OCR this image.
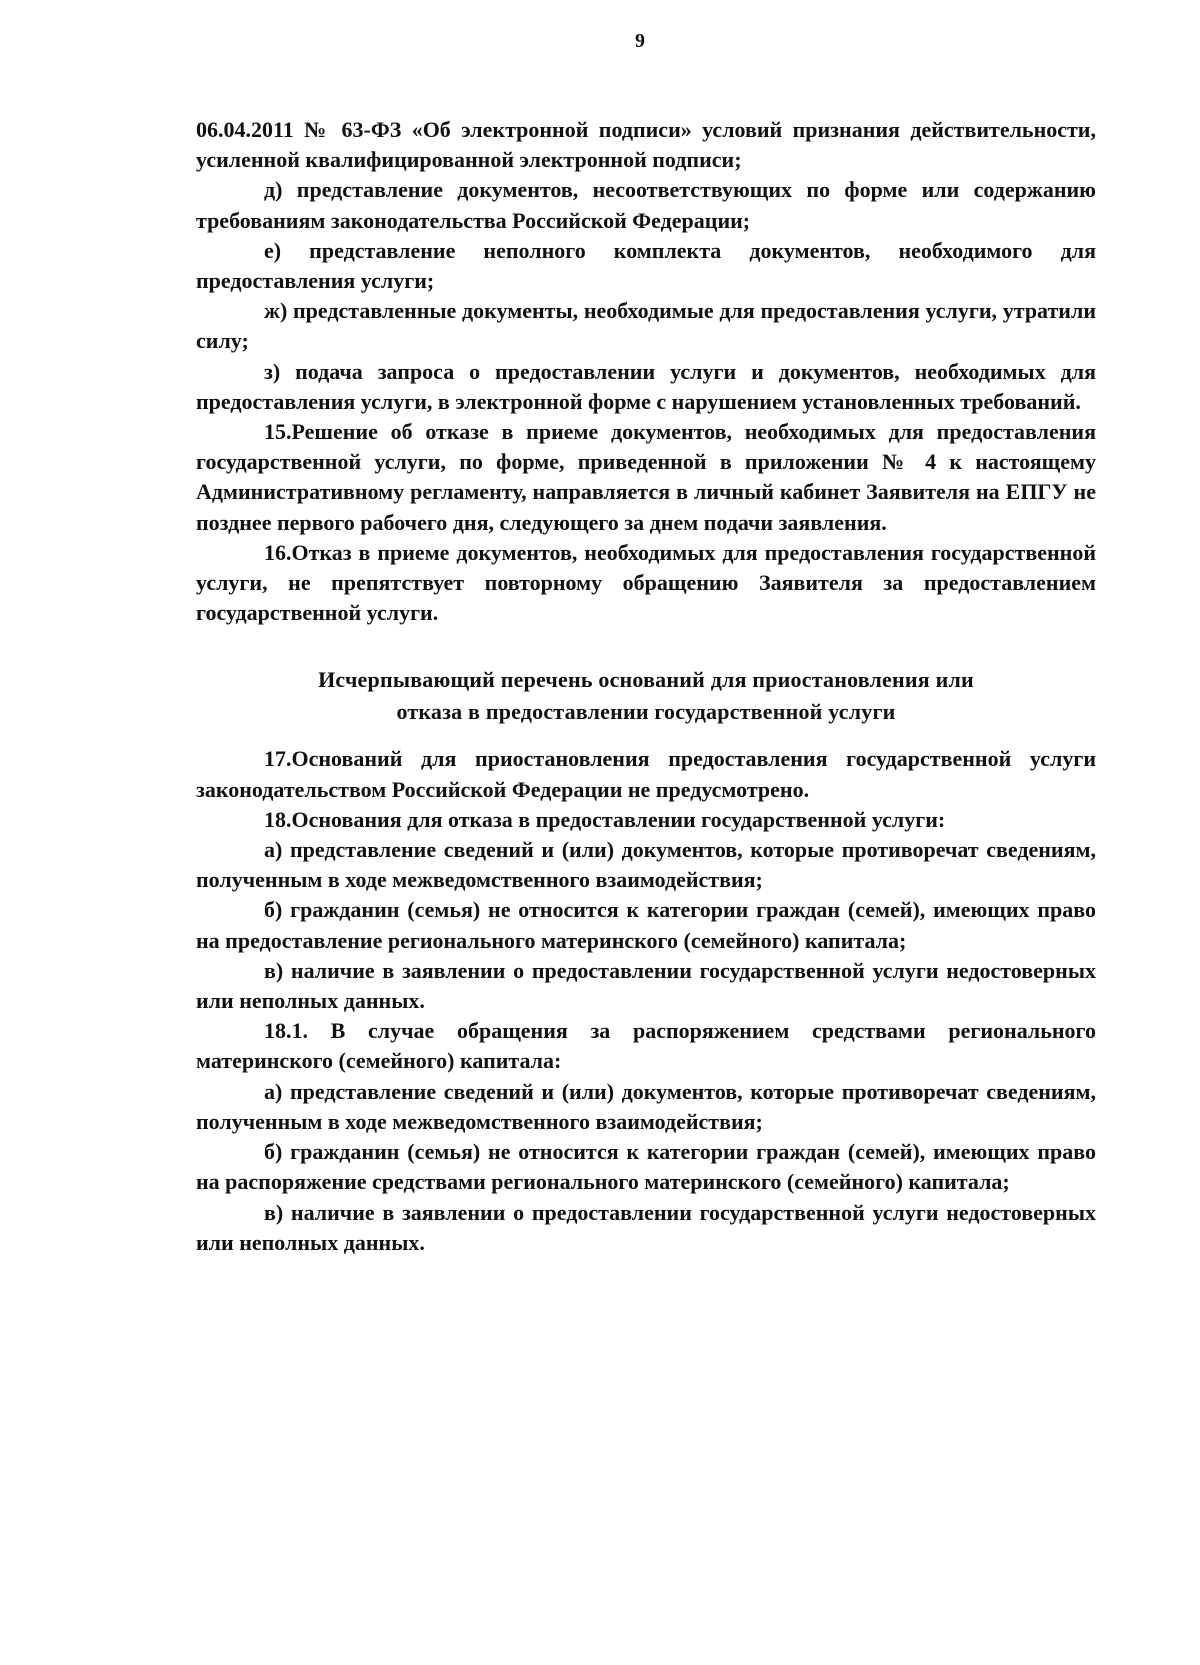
9

06.04.2011 № 63-ФЗ «Об электронной подписи» условий признания действительности, усиленной квалифицированной электронной подписи;

д) представление документов, несоответствующих по форме или содержанию требованиям законодательства Российской Федерации;

е) представление неполного комплекта документов, необходимого для предоставления услуги;

ж) представленные документы, необходимые для предоставления услуги, утратили силу;

з) подача запроса о предоставлении услуги и документов, необходимых для предоставления услуги, в электронной форме с нарушением установленных требований.

15.Решение об отказе в приеме документов, необходимых для предоставления государственной услуги, по форме, приведенной в приложении № 4 к настоящему Административному регламенту, направляется в личный кабинет Заявителя на ЕПГУ не позднее первого рабочего дня, следующего за днем подачи заявления.

16.Отказ в приеме документов, необходимых для предоставления государственной услуги, не препятствует повторному обращению Заявителя за предоставлением государственной услуги.

Исчерпывающий перечень оснований для приостановления или
отказа в предоставлении государственной услуги

17.Оснований для приостановления предоставления государственной услуги законодательством Российской Федерации не предусмотрено.

18.Основания для отказа в предоставлении государственной услуги:

а) представление сведений и (или) документов, которые противоречат сведениям, полученным в ходе межведомственного взаимодействия;

б) гражданин (семья) не относится к категории граждан (семей), имеющих право на предоставление регионального материнского (семейного) капитала;

в) наличие в заявлении о предоставлении государственной услуги недостоверных или неполных данных.

18.1. В случае обращения за распоряжением средствами регионального материнского (семейного) капитала:

а) представление сведений и (или) документов, которые противоречат сведениям, полученным в ходе межведомственного взаимодействия;

б) гражданин (семья) не относится к категории граждан (семей), имеющих право на распоряжение средствами регионального материнского (семейного) капитала;

в) наличие в заявлении о предоставлении государственной услуги недостоверных или неполных данных.
